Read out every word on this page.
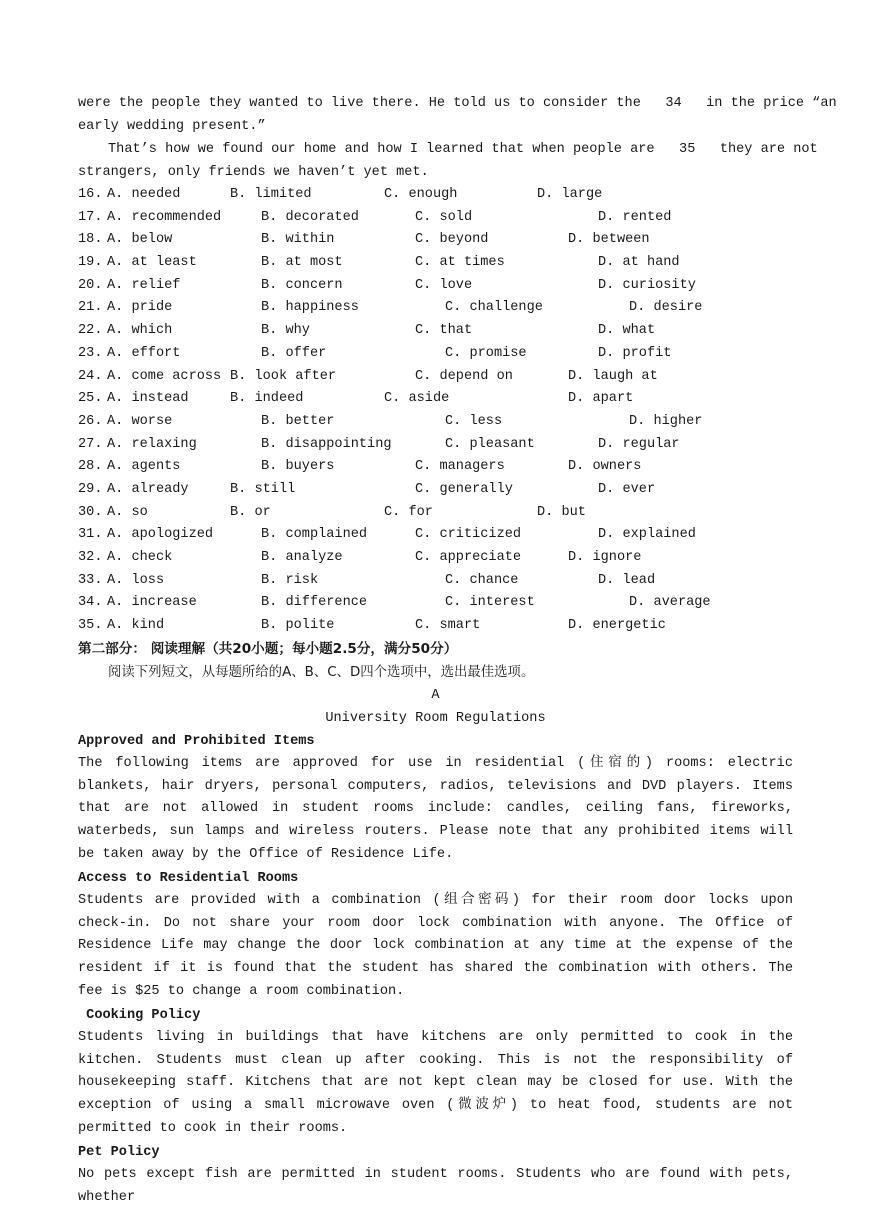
were the people they wanted to live there. He told us to consider the   34   in the price “an
early wedding present.”
That’s how we found our home and how I learned that when people are   35   they are not
strangers, only friends we haven’t yet met.
16. A. needed	B. limited	C. enough	D. large
17. A. recommended	B. decorated	C. sold	D. rented
18. A. below	B. within	C. beyond	D. between
19. A. at least	B. at most	C. at times	D. at hand
20. A. relief	B. concern	C. love	D. curiosity
21. A. pride	B. happiness	C. challenge	D. desire
22. A. which	B. why	C. that	D. what
23. A. effort	B. offer	C. promise	D. profit
24. A. come across B. look after	C. depend on	D. laugh at
25. A. instead	B. indeed	C. aside	D. apart
26. A. worse	B. better	C. less	D. higher
27. A. relaxing	B. disappointing	C. pleasant	D. regular
28. A. agents	B. buyers	C. managers	D. owners
29. A. already	B. still	C. generally	D. ever
30. A. so	B. or	C. for	D. but
31. A. apologized	B. complained	C. criticized	D. explained
32. A. check	B. analyze	C. appreciate	D. ignore
33. A. loss	B. risk	C. chance	D. lead
34. A. increase	B. difference	C. interest	D. average
35. A. kind	B. polite	C. smart	D. energetic
第二部分： 阅读理解（共20小题；每小题2.5分，满分50分）
阅读下列短文，从每题所给的A、B、C、D四个选项中，选出最佳选项。
A
University Room Regulations
Approved and Prohibited Items
The following items are approved for use in residential (住宿的) rooms: electric blankets, hair dryers, personal computers, radios, televisions and DVD players. Items that are not allowed in student rooms include: candles, ceiling fans, fireworks, waterbeds, sun lamps and wireless routers. Please note that any prohibited items will be taken away by the Office of Residence Life.
Access to Residential Rooms
Students are provided with a combination (组合密码) for their room door locks upon check-in. Do not share your room door lock combination with anyone. The Office of Residence Life may change the door lock combination at any time at the expense of the resident if it is found that the student has shared the combination with others. The fee is $25 to change a room combination.
Cooking Policy
Students living in buildings that have kitchens are only permitted to cook in the kitchen. Students must clean up after cooking. This is not the responsibility of housekeeping staff. Kitchens that are not kept clean may be closed for use. With the exception of using a small microwave oven (微波炉) to heat food, students are not permitted to cook in their rooms.
Pet Policy
No pets except fish are permitted in student rooms. Students who are found with pets, whether
